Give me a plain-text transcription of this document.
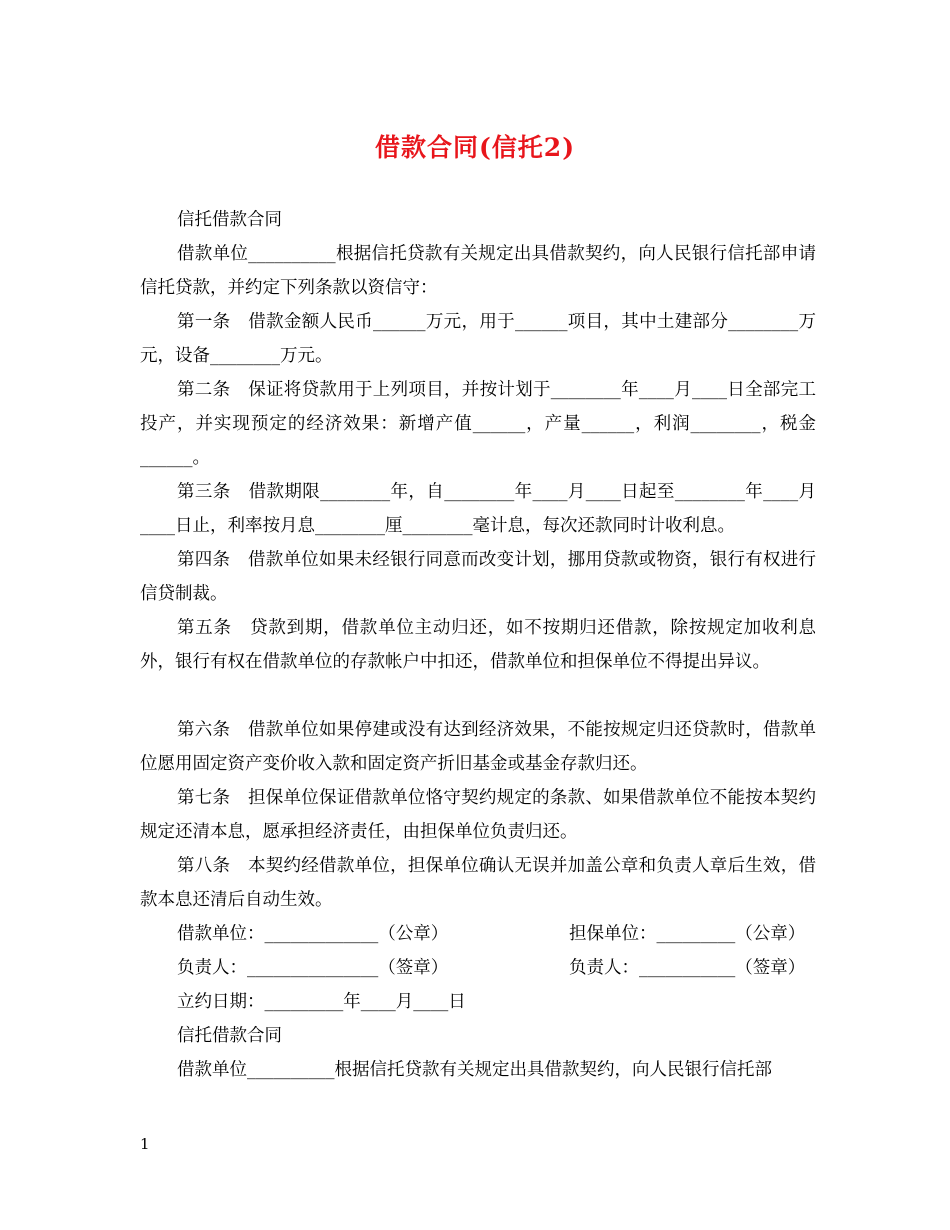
借款合同(信托2)

信托借款合同

借款单位__________根据信托贷款有关规定出具借款契约，向人民银行信托部申请信托贷款，并约定下列条款以资信守：

第一条　借款金额人民币______万元，用于______项目，其中土建部分________万元，设备________万元。

第二条　保证将贷款用于上列项目，并按计划于________年____月____日全部完工投产，并实现预定的经济效果：新增产值______，产量______，利润________，税金______。

第三条　借款期限________年，自________年____月____日起至________年____月____日止，利率按月息________厘________毫计息，每次还款同时计收利息。

第四条　借款单位如果未经银行同意而改变计划，挪用贷款或物资，银行有权进行信贷制裁。

第五条　贷款到期，借款单位主动归还，如不按期归还借款，除按规定加收利息外，银行有权在借款单位的存款帐户中扣还，借款单位和担保单位不得提出异议。

第六条　借款单位如果停建或没有达到经济效果，不能按规定归还贷款时，借款单位愿用固定资产变价收入款和固定资产折旧基金或基金存款归还。

第七条　担保单位保证借款单位恪守契约规定的条款、如果借款单位不能按本契约规定还清本息，愿承担经济责任，由担保单位负责归还。

第八条　本契约经借款单位，担保单位确认无误并加盖公章和负责人章后生效，借款本息还清后自动生效。

借款单位：_____________（公章）	担保单位：_________（公章）
负责人：_______________（签章）	负责人：___________（签章）

立约日期：_________年____月____日

信托借款合同

借款单位__________根据信托贷款有关规定出具借款契约，向人民银行信托部

1
